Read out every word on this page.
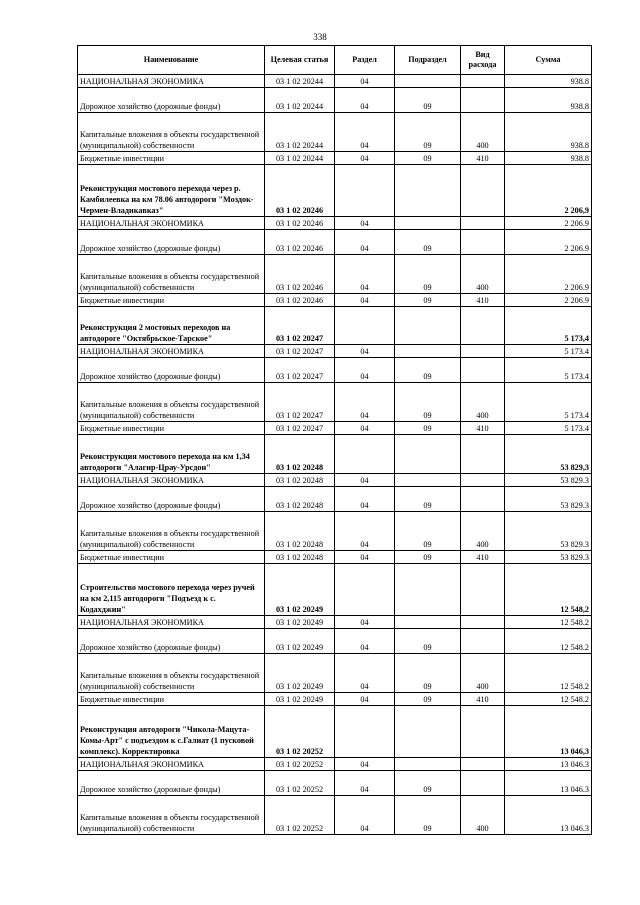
338
Наименование	Целевая статья	Раздел	Подраздел	Вид расхода	Сумма
НАЦИОНАЛЬНАЯ ЭКОНОМИКА	03 1 02 20244	04			938.8
Дорожное хозяйство (дорожные фонды)	03 1 02 20244	04	09		938.8
Капитальные вложения в объекты государственной (муниципальной) собственности	03 1 02 20244	04	09	400	938.8
Бюджетные инвестиции	03 1 02 20244	04	09	410	938.8
Реконструкция мостового перехода через р. Камбилеевка на км 78.06 автодороги "Моздок-Чермен-Владикавказ"	03 1 02 20246				2 206,9
НАЦИОНАЛЬНАЯ ЭКОНОМИКА	03 1 02 20246	04			2 206.9
Дорожное хозяйство (дорожные фонды)	03 1 02 20246	04	09		2 206.9
Капитальные вложения в объекты государственной (муниципальной) собственности	03 1 02 20246	04	09	400	2 206.9
Бюджетные инвестиции	03 1 02 20246	04	09	410	2 206.9
Реконструкция 2 мостовых переходов на автодороге "Октябрьское-Тарское"	03 1 02 20247				5 173,4
НАЦИОНАЛЬНАЯ ЭКОНОМИКА	03 1 02 20247	04			5 173.4
Дорожное хозяйство (дорожные фонды)	03 1 02 20247	04	09		5 173.4
Капитальные вложения в объекты государственной (муниципальной) собственности	03 1 02 20247	04	09	400	5 173.4
Бюджетные инвестиции	03 1 02 20247	04	09	410	5 173.4
Реконструкция мостового перехода на км 1,34 автодороги "Алагир-Црау-Урсдон"	03 1 02 20248				53 829,3
НАЦИОНАЛЬНАЯ ЭКОНОМИКА	03 1 02 20248	04			53 829.3
Дорожное хозяйство (дорожные фонды)	03 1 02 20248	04	09		53 829.3
Капитальные вложения в объекты государственной (муниципальной) собственности	03 1 02 20248	04	09	400	53 829.3
Бюджетные инвестиции	03 1 02 20248	04	09	410	53 829.3
Строительство мостового перехода через ручей на км 2,115 автодороги "Подъезд к с. Кодахджин"	03 1 02 20249				12 548,2
НАЦИОНАЛЬНАЯ ЭКОНОМИКА	03 1 02 20249	04			12 548.2
Дорожное хозяйство (дорожные фонды)	03 1 02 20249	04	09		12 548.2
Капитальные вложения в объекты государственной (муниципальной) собственности	03 1 02 20249	04	09	400	12 548.2
Бюджетные инвестиции	03 1 02 20249	04	09	410	12 548.2
Реконструкция автодороги "Чикола-Мацута-Комы-Арт" с подъездом к с.Галиат (1 пусковой комплекс). Корректировка	03 1 02 20252				13 046,3
НАЦИОНАЛЬНАЯ ЭКОНОМИКА	03 1 02 20252	04			13 046.3
Дорожное хозяйство (дорожные фонды)	03 1 02 20252	04	09		13 046.3
Капитальные вложения в объекты государственной (муниципальной) собственности	03 1 02 20252	04	09	400	13 046.3
